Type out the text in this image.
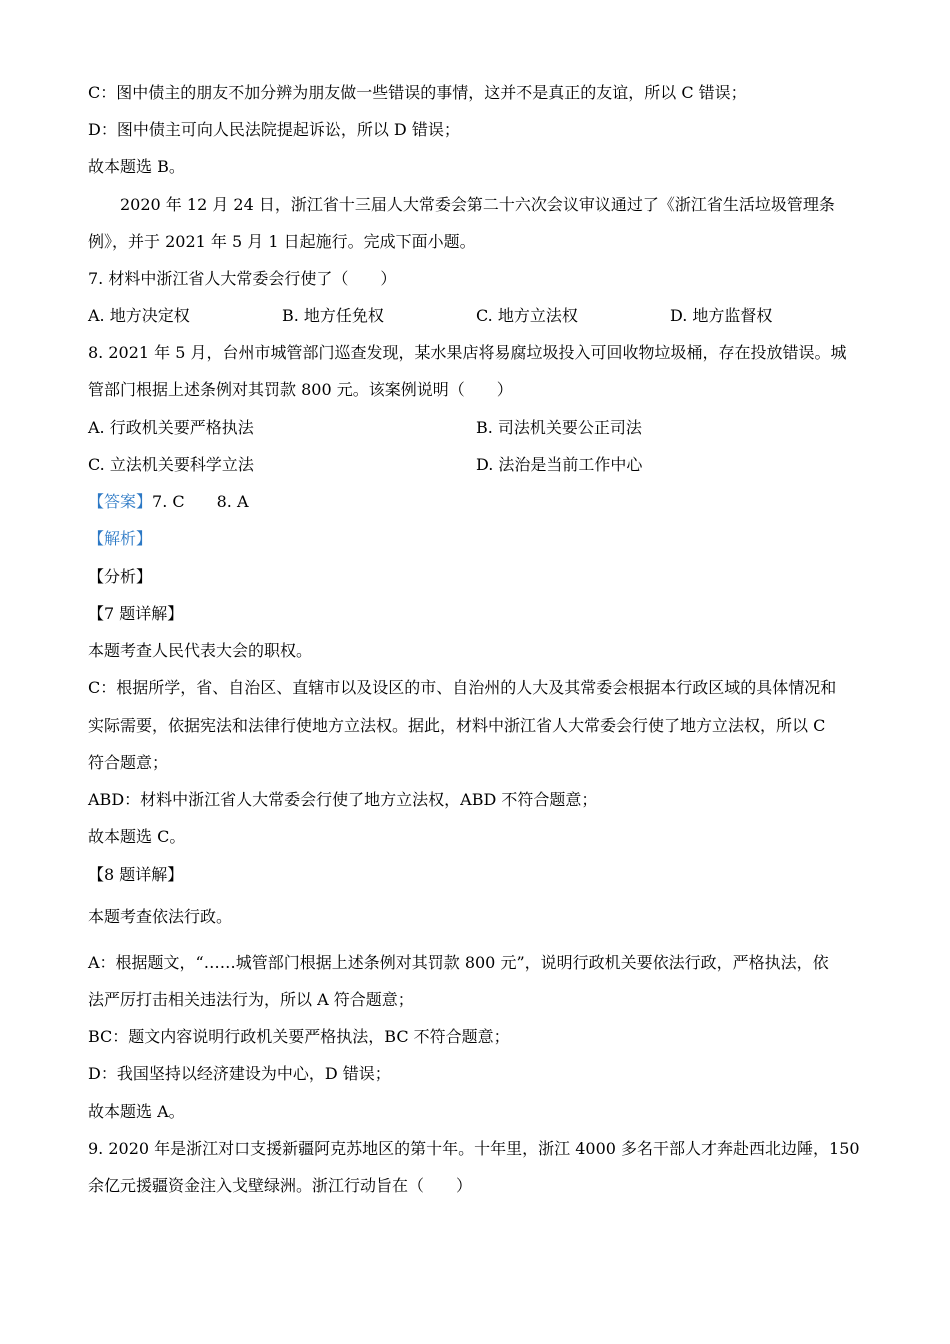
C：图中债主的朋友不加分辨为朋友做一些错误的事情，这并不是真正的友谊，所以 C 错误；
D：图中债主可向人民法院提起诉讼，所以 D 错误；
故本题选 B。
2020 年 12 月 24 日，浙江省十三届人大常委会第二十六次会议审议通过了《浙江省生活垃圾管理条
例》，并于 2021 年 5 月 1 日起施行。完成下面小题。
7. 材料中浙江省人大常委会行使了（　　）
A. 地方决定权	B. 地方任免权	C. 地方立法权	D. 地方监督权
8. 2021 年 5 月，台州市城管部门巡查发现，某水果店将易腐垃圾投入可回收物垃圾桶，存在投放错误。城
管部门根据上述条例对其罚款 800 元。该案例说明（　　）
A. 行政机关要严格执法	B. 司法机关要公正司法
C. 立法机关要科学立法	D. 法治是当前工作中心
【答案】7. C　　8. A
【解析】
【分析】
【7 题详解】
本题考查人民代表大会的职权。
C：根据所学，省、自治区、直辖市以及设区的市、自治州的人大及其常委会根据本行政区域的具体情况和
实际需要，依据宪法和法律行使地方立法权。据此，材料中浙江省人大常委会行使了地方立法权，所以 C
符合题意；
ABD：材料中浙江省人大常委会行使了地方立法权，ABD 不符合题意；
故本题选 C。
【8 题详解】
本题考查依法行政。
A：根据题文，“……城管部门根据上述条例对其罚款 800 元”，说明行政机关要依法行政，严格执法，依
法严厉打击相关违法行为，所以 A 符合题意；
BC：题文内容说明行政机关要严格执法，BC 不符合题意；
D：我国坚持以经济建设为中心，D 错误；
故本题选 A。
9. 2020 年是浙江对口支援新疆阿克苏地区的第十年。十年里，浙江 4000 多名干部人才奔赴西北边陲，150
余亿元援疆资金注入戈壁绿洲。浙江行动旨在（　　）
